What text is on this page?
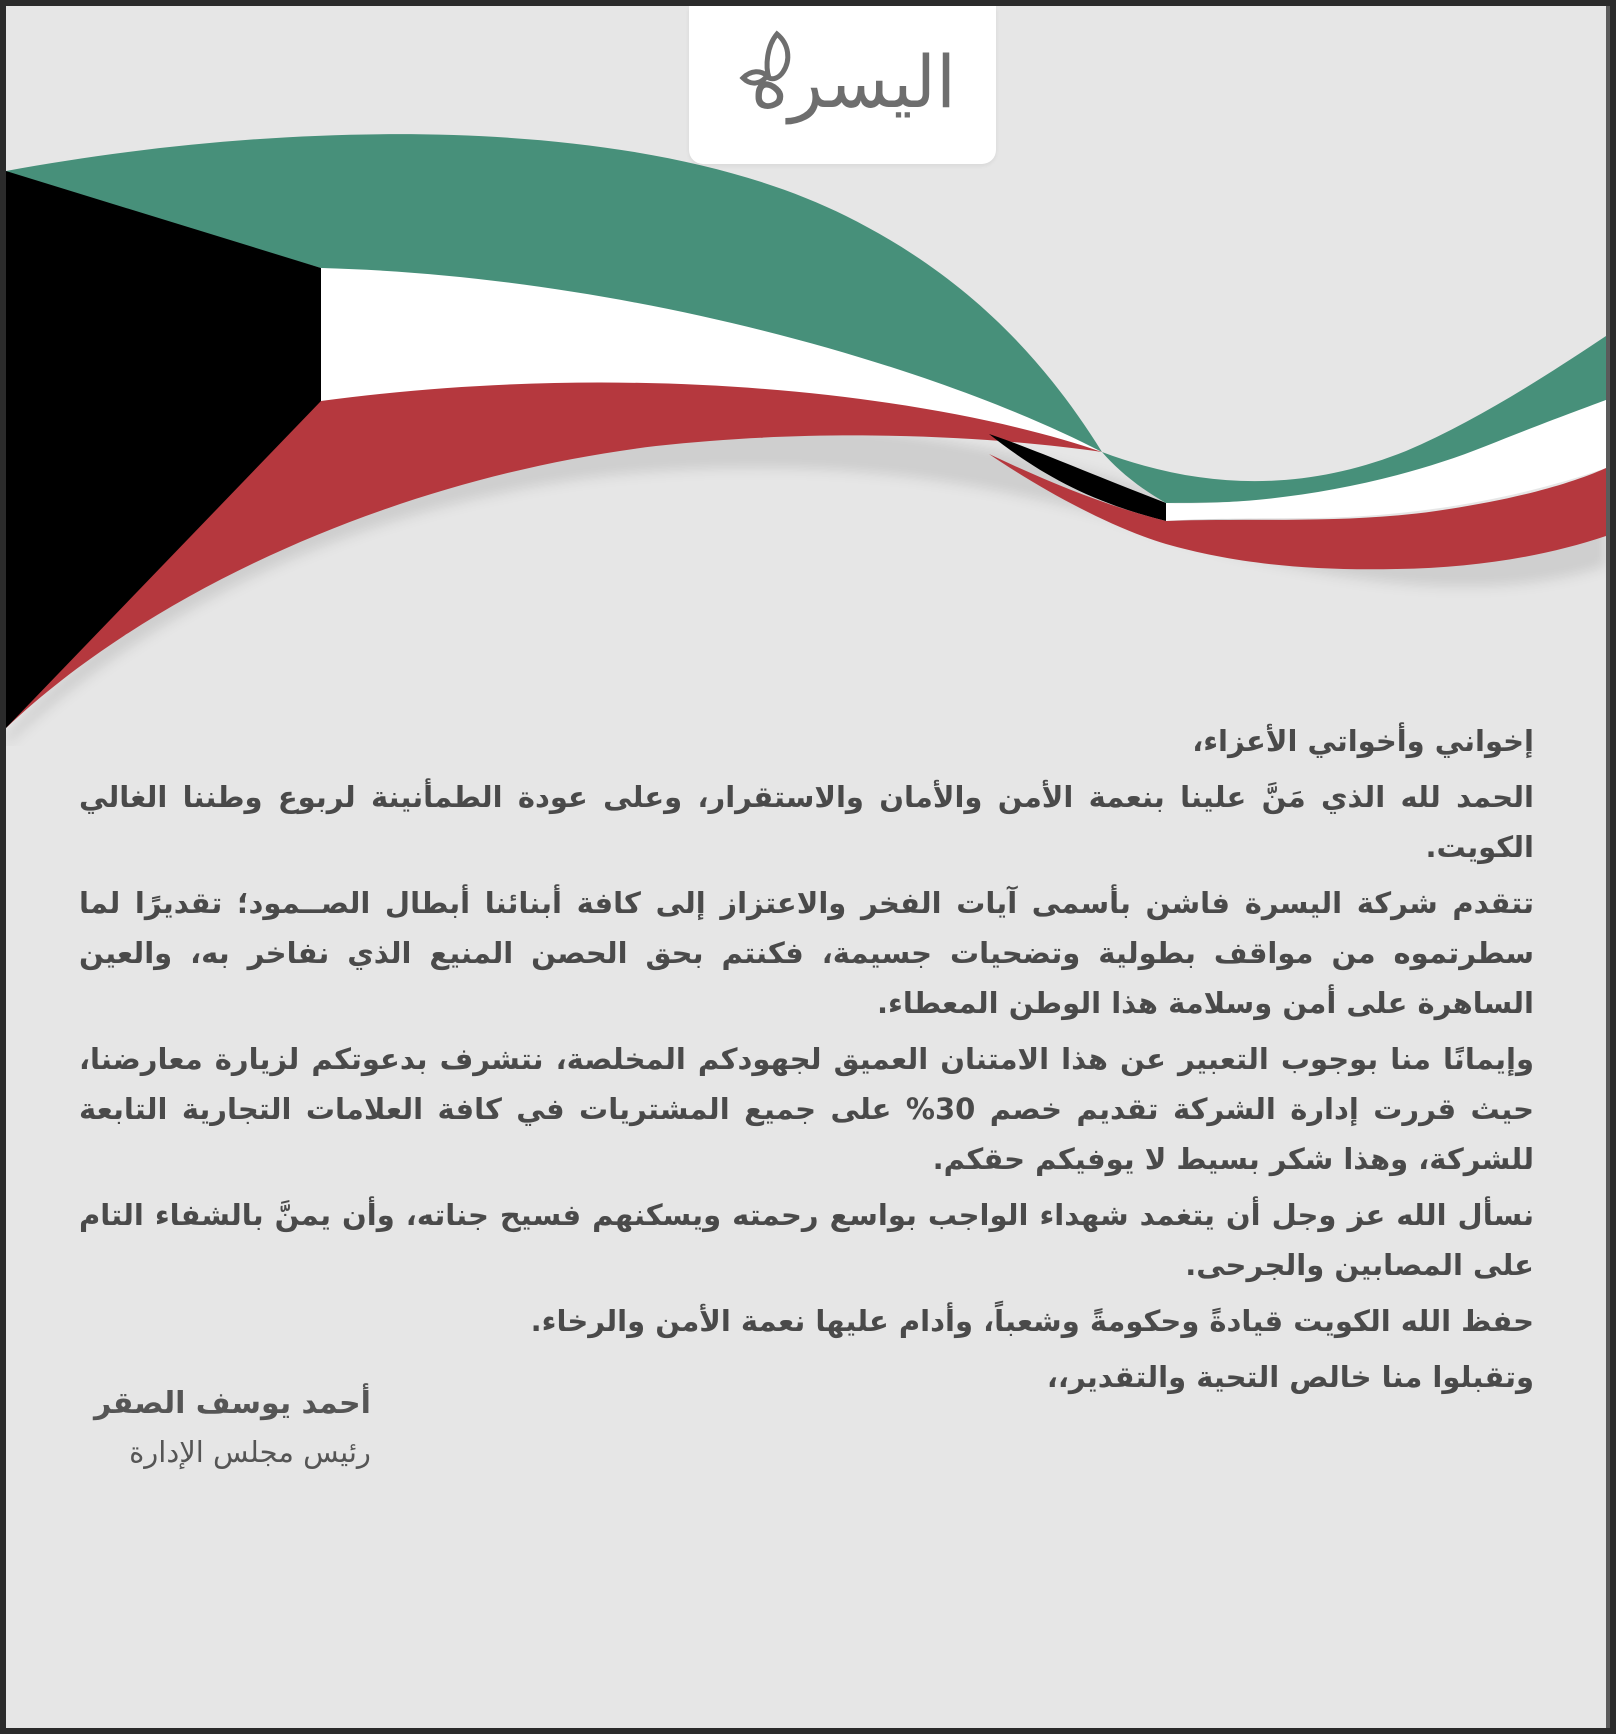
اليسره

إخواني وأخواتي الأعزاء،

الحمد لله الذي مَنَّ علينا بنعمة الأمن والأمان والاستقرار، وعلى عودة الطمأنينة لربوع وطننا الغالي الكويت.

تتقدم شركة اليسرة فاشن بأسمى آيات الفخر والاعتزاز إلى كافة أبنائنا أبطال الصــمود؛ تقديرًا لما سطرتموه من مواقف بطولية وتضحيات جسيمة، فكنتم بحق الحصن المنيع الذي نفاخر به، والعين الساهرة على أمن وسلامة هذا الوطن المعطاء.

وإيمانًا منا بوجوب التعبير عن هذا الامتنان العميق لجهودكم المخلصة، نتشرف بدعوتكم لزيارة معارضنا، حيث قررت إدارة الشركة تقديم خصم 30% على جميع المشتريات في كافة العلامات التجارية التابعة للشركة، وهذا شكر بسيط لا يوفيكم حقكم.

نسأل الله عز وجل أن يتغمد شهداء الواجب بواسع رحمته ويسكنهم فسيح جناته، وأن يمنَّ بالشفاء التام على المصابين والجرحى.

حفظ الله الكويت قيادةً وحكومةً وشعباً، وأدام عليها نعمة الأمن والرخاء.

وتقبلوا منا خالص التحية والتقدير،،

أحمد يوسف الصقر
رئيس مجلس الإدارة
